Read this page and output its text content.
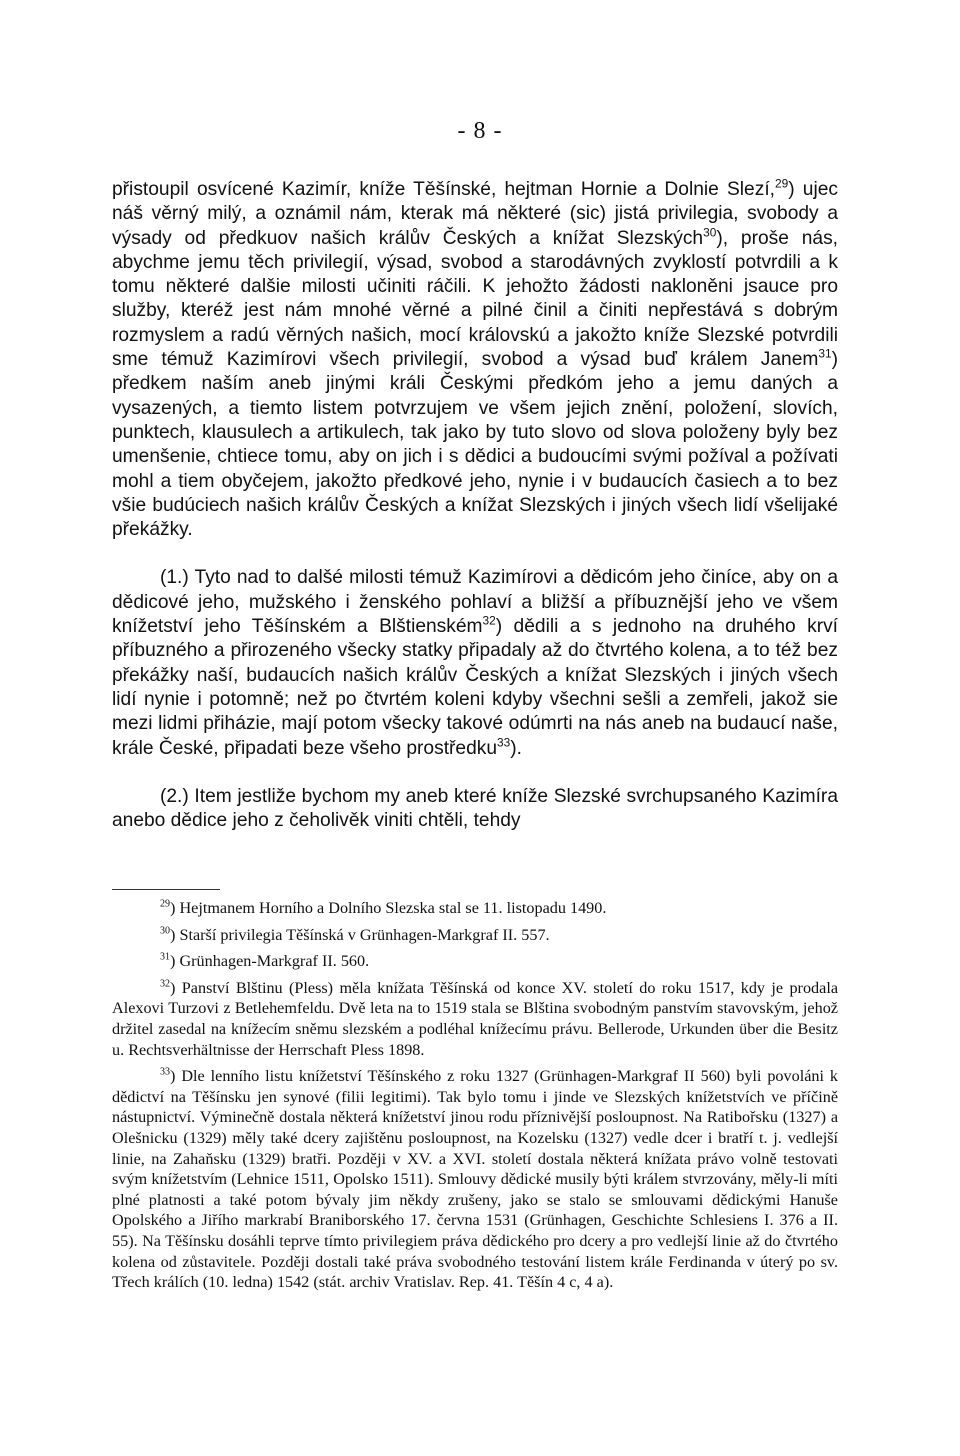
- 8 -

přistoupil osvícené Kazimír, kníže Těšínské, hejtman Hornie a Dolnie Slezí,$^{29}$) ujec náš věrný milý, a oznámil nám, kterak má některé (sic) jistá privilegia, svobody a výsady od předkuov našich králův Českých a knížat Slezských$^{30}$), proše nás, abychme jemu těch privilegií, výsad, svobod a starodávných zvyklostí potvrdili a k tomu některé dalšie milosti učiniti ráčili. K jehožto žádosti nakloněni jsauce pro služby, kteréž jest nám mnohé věrné a pilné činil a činiti nepřestává s dobrým rozmyslem a radú věrných našich, mocí královskú a jakožto kníže Slezské potvrdili sme témuž Kazimírovi všech privilegií, svobod a výsad buď králem Janem$^{31}$) předkem naším aneb jinými králi Českými předkóm jeho a jemu daných a vysazených, a tiemto listem potvrzujem ve všem jejich znění, položení, slovích, punktech, klausulech a artikulech, tak jako by tuto slovo od slova položeny byly bez umenšenie, chtiece tomu, aby on jich i s dědici a budoucími svými požíval a požívati mohl a tiem obyčejem, jakožto předkové jeho, nynie i v budaucích časiech a to bez všie budúciech našich králův Českých a knížat Slezských i jiných všech lidí všelijaké překážky.

(1.) Tyto nad to dalšé milosti témuž Kazimírovi a dědicóm jeho činíce, aby on a dědicové jeho, mužského i ženského pohlaví a bližší a příbuznější jeho ve všem knížetství jeho Těšínském a Blštienském$^{32}$) dědili a s jednoho na druhého krví příbuzného a přirozeného všecky statky připadaly až do čtvrtého kolena, a to též bez překážky naší, budaucích našich králův Českých a knížat Slezských i jiných všech lidí nynie i potomně; než po čtvrtém koleni kdyby všechni sešli a zemřeli, jakož sie mezi lidmi přiházie, mají potom všecky takové odúmrti na nás aneb na budaucí naše, krále České, připadati beze všeho prostředku$^{33}$).

(2.) Item jestliže bychom my aneb které kníže Slezské svrchupsaného Kazimíra anebo dědice jeho z čeholivěk viniti chtěli, tehdy

$^{29}$) Hejtmanem Horního a Dolního Slezska stal se 11. listopadu 1490.

$^{30}$) Starší privilegia Těšínská v Grünhagen-Markgraf II. 557.

$^{31}$) Grünhagen-Markgraf II. 560.

$^{32}$) Panství Blštinu (Pless) měla knížata Těšínská od konce XV. století do roku 1517, kdy je prodala Alexovi Turzovi z Betlehemfeldu. Dvě leta na to 1519 stala se Blština svobodným panstvím stavovským, jehož držitel zasedal na knížecím sněmu slezském a podléhal knížecímu právu. Bellerode, Urkunden über die Besitz u. Rechtsverhältnisse der Herrschaft Pless 1898.

$^{33}$) Dle lenního listu knížetství Těšínského z roku 1327 (Grünhagen-Markgraf II 560) byli povoláni k dědictví na Těšínsku jen synové (filii legitimi). Tak bylo tomu i jinde ve Slezských knížetstvích ve příčině nástupnictví. Výminečně dostala některá knížetství jinou rodu příznivější posloupnost. Na Ratibořsku (1327) a Olešnicku (1329) měly také dcery zajištěnu posloupnost, na Kozelsku (1327) vedle dcer i bratří t. j. vedlejší linie, na Zahaňsku (1329) bratři. Později v XV. a XVI. století dostala některá knížata právo volně testovati svým knížetstvím (Lehnice 1511, Opolsko 1511). Smlouvy dědické musily býti králem stvrzovány, měly-li míti plné platnosti a také potom bývaly jim někdy zrušeny, jako se stalo se smlouvami dědickými Hanuše Opolského a Jiřího markrabí Braniborského 17. června 1531 (Grünhagen, Geschichte Schlesiens I. 376 a II. 55). Na Těšínsku dosáhli teprve tímto privilegiem práva dědického pro dcery a pro vedlejší linie až do čtvrtého kolena od zůstavitele. Později dostali také práva svobodného testování listem krále Ferdinanda v úterý po sv. Třech králích (10. ledna) 1542 (stát. archiv Vratislav. Rep. 41. Těšín 4 c, 4 a).
